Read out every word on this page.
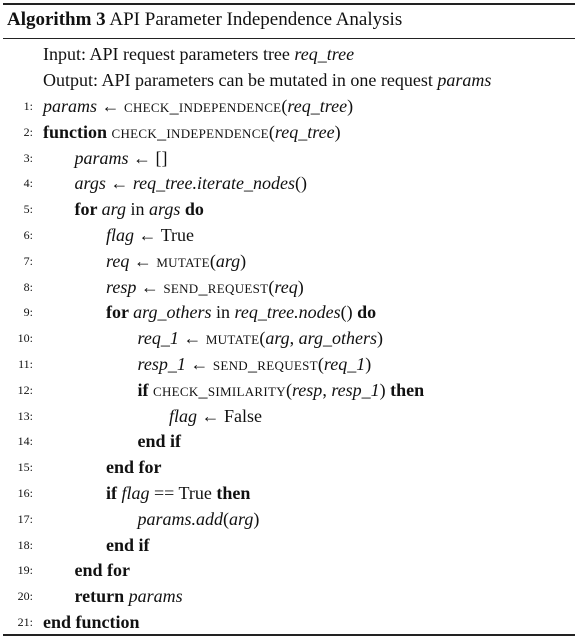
Algorithm 3 API Parameter Independence Analysis
Input: API request parameters tree req_tree
Output: API parameters can be mutated in one request params
1: params ← check_independence(req_tree)
2: function check_independence(req_tree)
3: params ← []
4: args ← req_tree.iterate_nodes()
5: for arg in args do
6:	flag ← True
7:	req ← mutate(arg)
8:	resp ← send_request(req)
9:	for arg_others in req_tree.nodes() do
10:	req_1 ← mutate(arg, arg_others)
11:	resp_1 ← send_request(req_1)
12:	if check_similarity(resp, resp_1) then
13:	flag ← False
14:	end if
15:	end for
16:	if flag == True then
17:	params.add(arg)
18:	end if
19: end for
20: return params
21: end function
